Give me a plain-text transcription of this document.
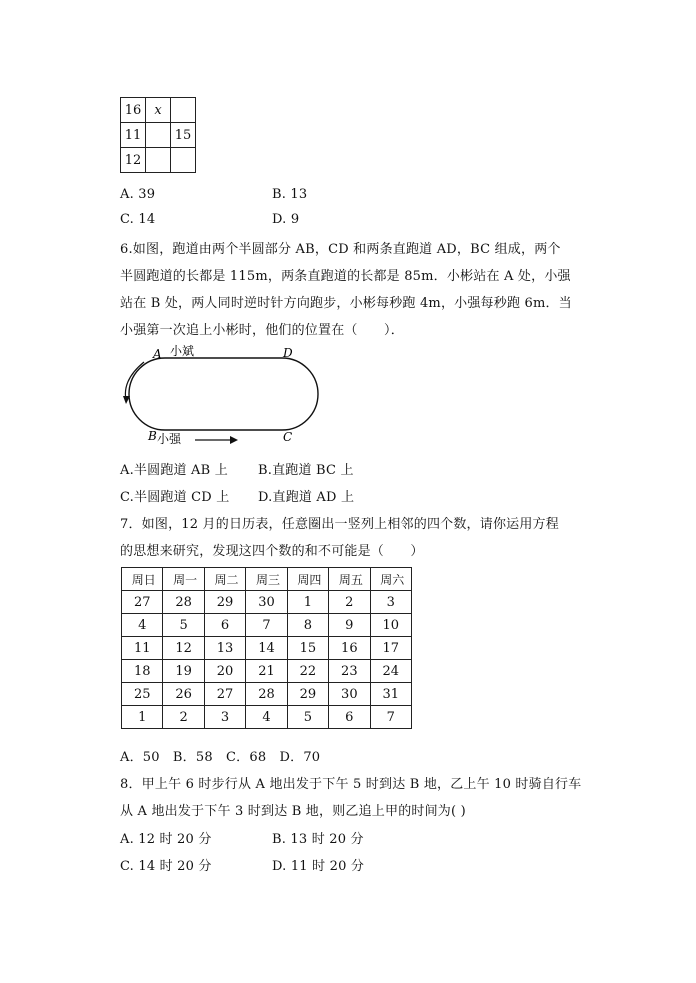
16	x	
11		15
12		
A. 39	B. 13
C. 14	D. 9
6.如图，跑道由两个半圆部分 AB，CD 和两条直跑道 AD，BC 组成，两个
半圆跑道的长都是 115m，两条直跑道的长都是 85m．小彬站在 A 处，小强
站在 B 处，两人同时逆时针方向跑步，小彬每秒跑 4m，小强每秒跑 6m．当
小强第一次追上小彬时，他们的位置在（　　）．
A 小斌	D
B 小强	C
A.半圆跑道 AB 上 B.直跑道 BC 上
C.半圆跑道 CD 上 D.直跑道 AD 上
7．如图，12 月的日历表，任意圈出一竖列上相邻的四个数，请你运用方程
的思想来研究，发现这四个数的和不可能是（　　）
周日	周一	周二	周三	周四	周五	周六
27	28	29	30	1	2	3
4	5	6	7	8	9	10
11	12	13	14	15	16	17
18	19	20	21	22	23	24
25	26	27	28	29	30	31
1	2	3	4	5	6	7
A．50　B．58　C．68　D．70
8．甲上午 6 时步行从 A 地出发于下午 5 时到达 B 地，乙上午 10 时骑自行车
从 A 地出发于下午 3 时到达 B 地，则乙追上甲的时间为( )
A. 12 时 20 分	B. 13 时 20 分
C. 14 时 20 分	D. 11 时 20 分
